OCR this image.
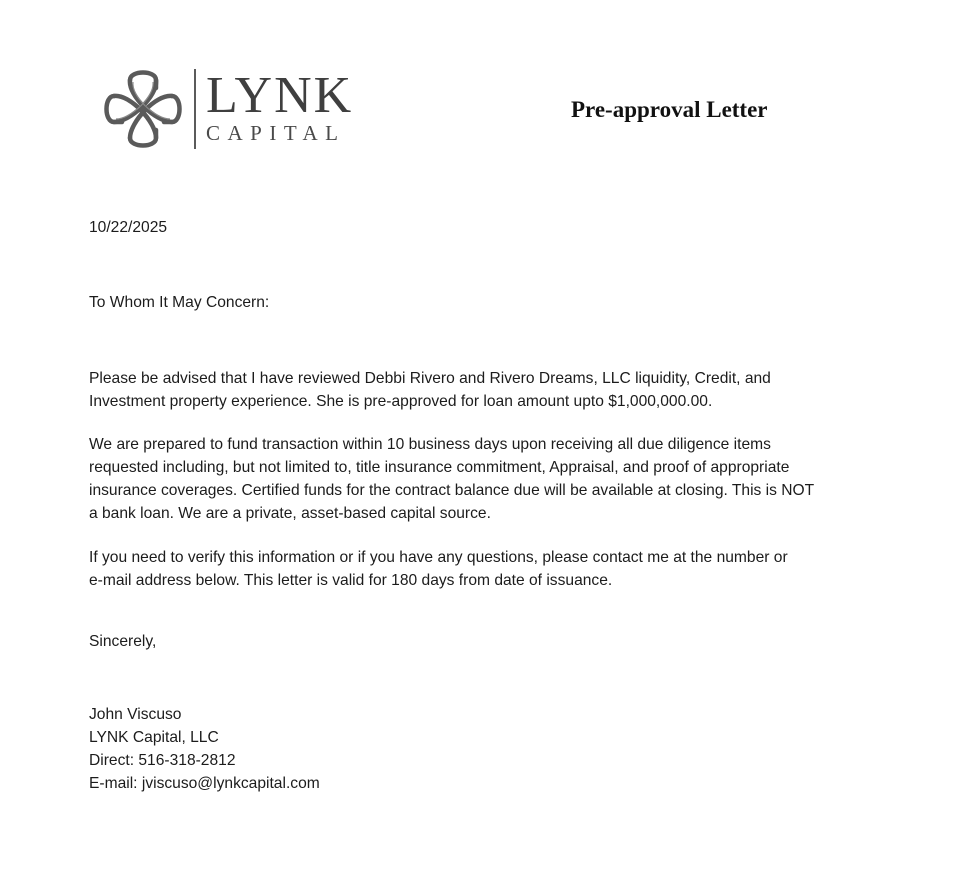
LYNK
CAPITAL
Pre-approval Letter
10/22/2025
To Whom It May Concern:
Please be advised that I have reviewed Debbi Rivero and Rivero Dreams, LLC liquidity, Credit, and
Investment property experience. She is pre-approved for loan amount upto $1,000,000.00.
We are prepared to fund transaction within 10 business days upon receiving all due diligence items
requested including, but not limited to, title insurance commitment, Appraisal, and proof of appropriate
insurance coverages. Certified funds for the contract balance due will be available at closing. This is NOT
a bank loan. We are a private, asset-based capital source.
If you need to verify this information or if you have any questions, please contact me at the number or
e-mail address below. This letter is valid for 180 days from date of issuance.
Sincerely,
John Viscuso
LYNK Capital, LLC
Direct: 516-318-2812
E-mail: jviscuso@lynkcapital.com
